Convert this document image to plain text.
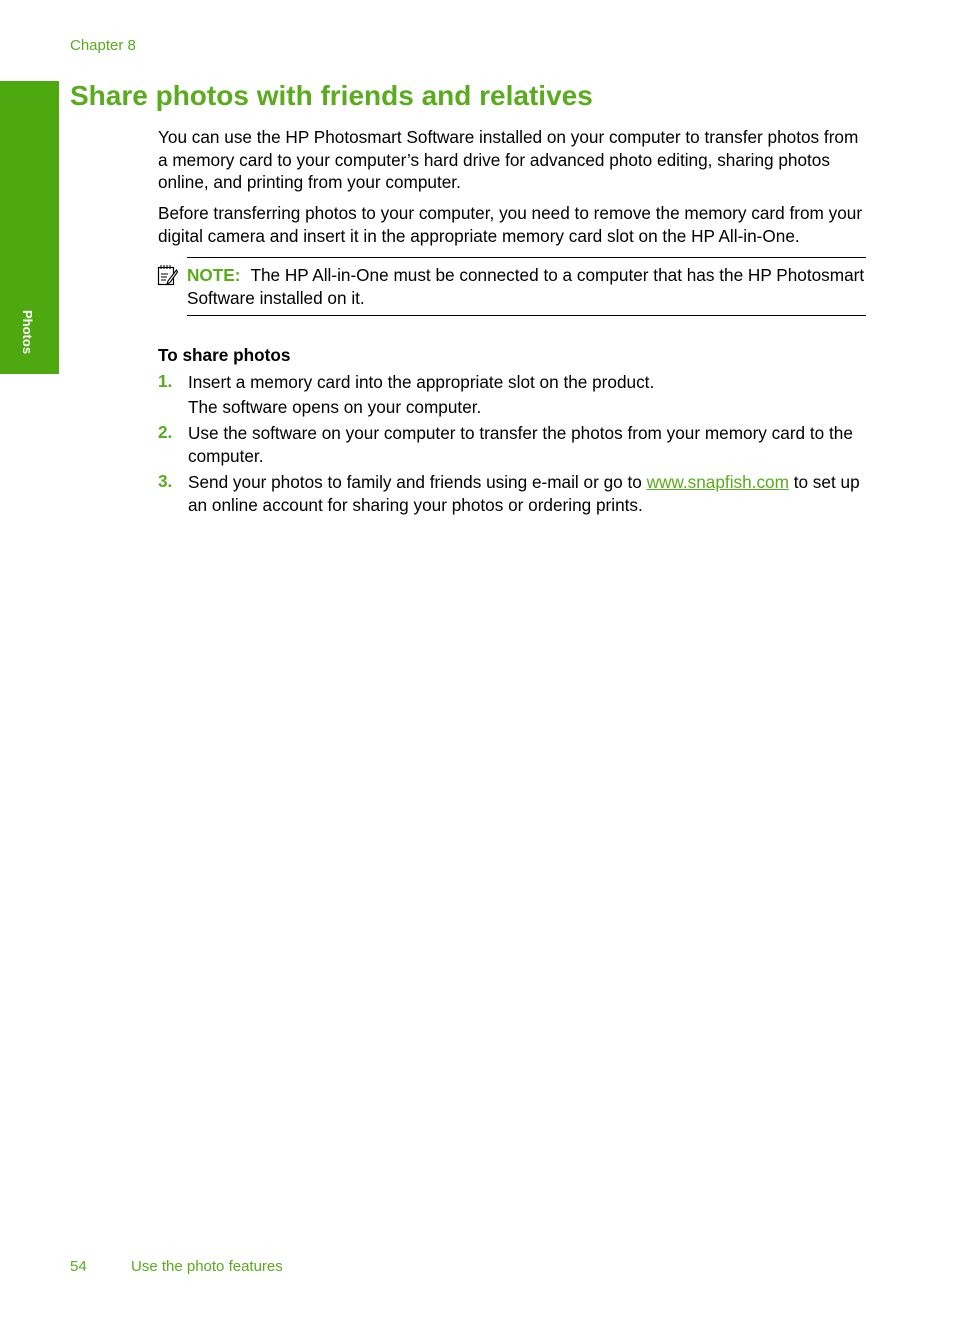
Chapter 8
Photos
Share photos with friends and relatives

You can use the HP Photosmart Software installed on your computer to transfer photos from a memory card to your computer’s hard drive for advanced photo editing, sharing photos online, and printing from your computer.

Before transferring photos to your computer, you need to remove the memory card from your digital camera and insert it in the appropriate memory card slot on the HP All-in-One.

NOTE: The HP All-in-One must be connected to a computer that has the HP Photosmart Software installed on it.

To share photos
1. Insert a memory card into the appropriate slot on the product.

The software opens on your computer.

2. Use the software on your computer to transfer the photos from your memory card to the computer.

3. Send your photos to family and friends using e-mail or go to www.snapfish.com to set up an online account for sharing your photos or ordering prints.

54	Use the photo features
